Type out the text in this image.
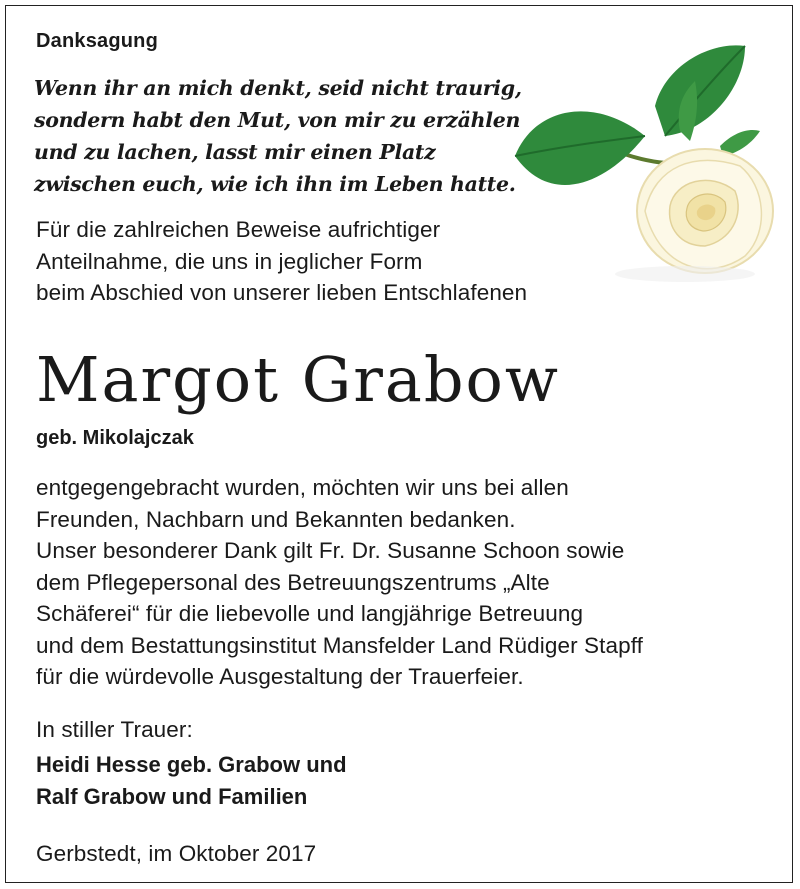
Danksagung
Wenn ihr an mich denkt, seid nicht traurig,
sondern habt den Mut, von mir zu erzählen
und zu lachen, lasst mir einen Platz
zwischen euch, wie ich ihn im Leben hatte.
Für die zahlreichen Beweise aufrichtiger
Anteilnahme, die uns in jeglicher Form
beim Abschied von unserer lieben Entschlafenen
Margot Grabow
geb. Mikolajczak
entgegengebracht wurden, möchten wir uns bei allen
Freunden, Nachbarn und Bekannten bedanken.
Unser besonderer Dank gilt Fr. Dr. Susanne Schoon sowie
dem Pflegepersonal des Betreuungszentrums „Alte
Schäferei“ für die liebevolle und langjährige Betreuung
und dem Bestattungsinstitut Mansfelder Land Rüdiger Stapff
für die würdevolle Ausgestaltung der Trauerfeier.
In stiller Trauer:
Heidi Hesse geb. Grabow und
Ralf Grabow und Familien
Gerbstedt, im Oktober 2017
